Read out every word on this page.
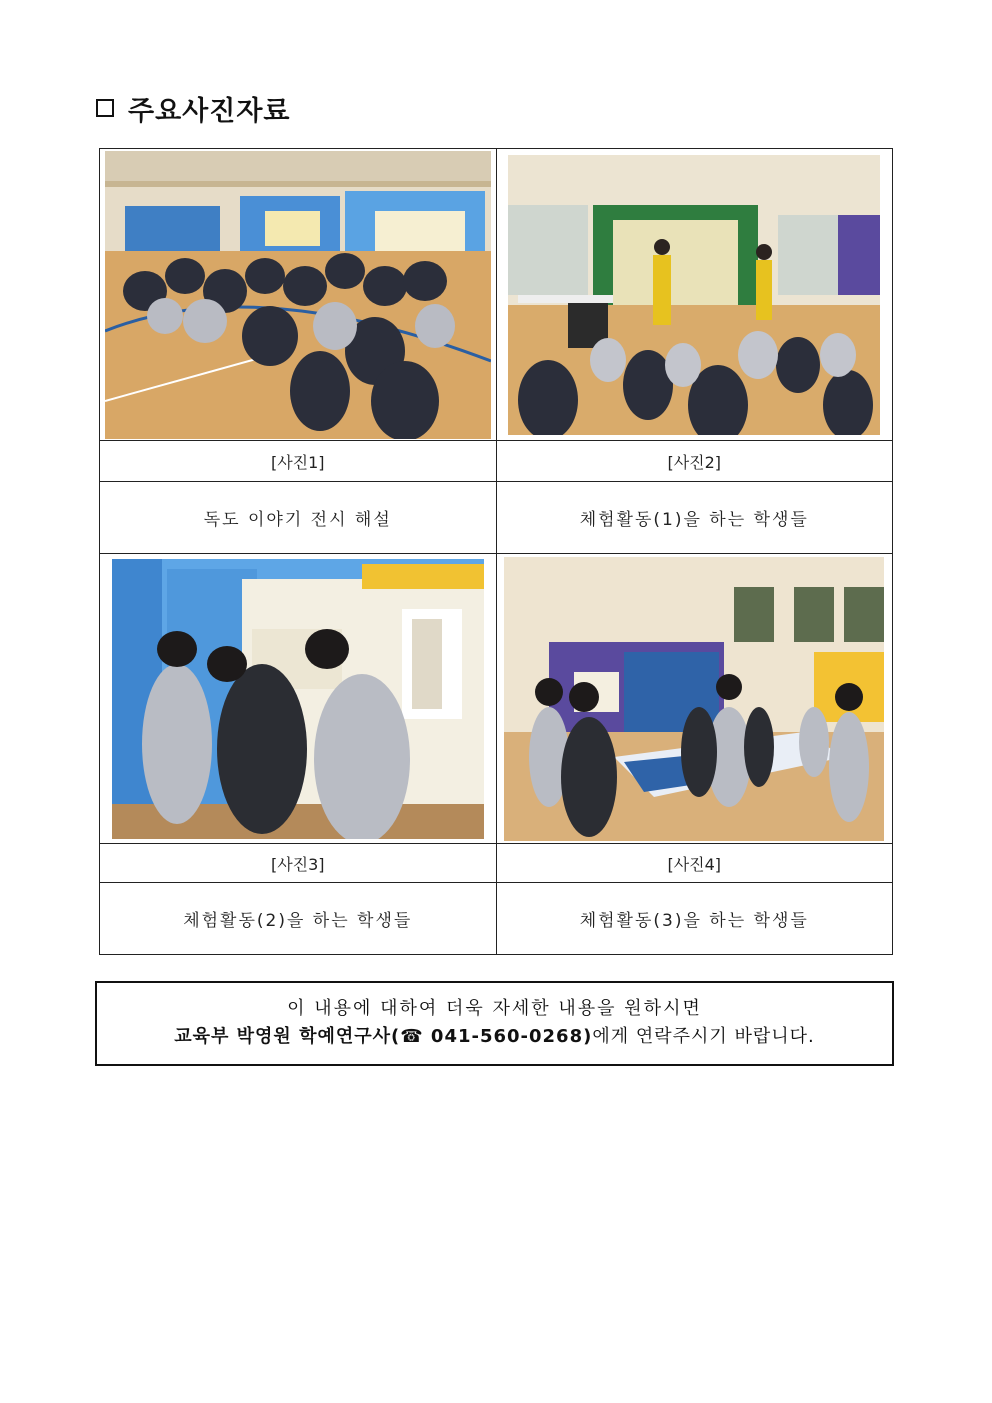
주요사진자료

[사진1]	[사진2]
독도 이야기 전시 해설	체험활동(1)을 하는 학생들

[사진3]	[사진4]
체험활동(2)을 하는 학생들	체험활동(3)을 하는 학생들
이 내용에 대하여 더욱 자세한 내용을 원하시면
교육부 박영원 학예연구사(☎ 041-560-0268)에게 연락주시기 바랍니다.
